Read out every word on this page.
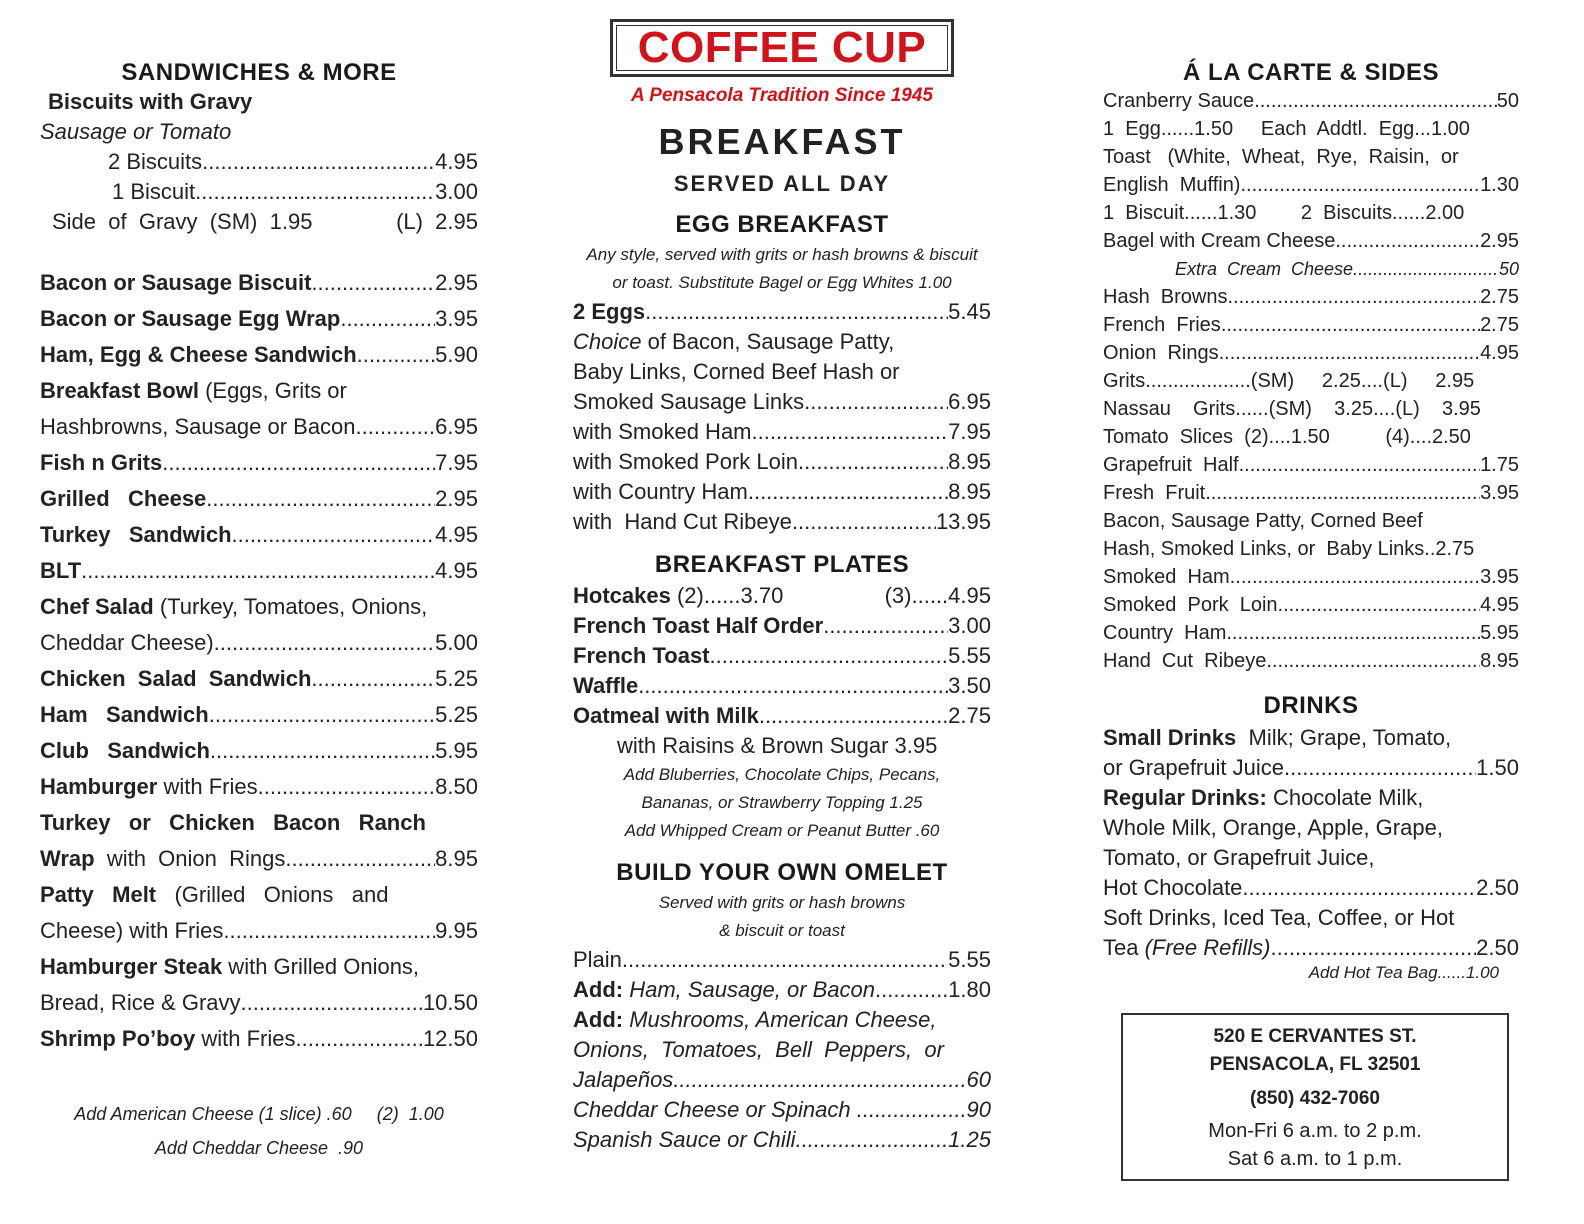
SANDWICHES & MORE
Biscuits with Gravy
Sausage or Tomato
2 Biscuits .....	4.95
1 Biscuit .....	3.00
Side  of  Gravy  (SM)  1.95	(L)  2.95
Bacon or Sausage Biscuit .....	2.95
Bacon or Sausage Egg Wrap .....	3.95
Ham, Egg & Cheese Sandwich .....	5.90
Breakfast Bowl (Eggs, Grits or
Hashbrowns, Sausage or Bacon .....	6.95
Fish n Grits .....	7.95
Grilled   Cheese .....	2.95
Turkey   Sandwich .....	4.95
BLT .....	4.95
Chef Salad (Turkey, Tomatoes, Onions,
Cheddar Cheese) .....	5.00
Chicken  Salad  Sandwich .....	5.25
Ham   Sandwich .....	5.25
Club   Sandwich .....	5.95
Hamburger with Fries .....	8.50
Turkey   or   Chicken   Bacon   Ranch
Wrap with  Onion  Rings .....	8.95
Patty   Melt   (Grilled   Onions   and
Cheese) with Fries .....	9.95
Hamburger Steak with Grilled Onions,
Bread, Rice & Gravy .....	10.50
Shrimp Po’boy with Fries .....	12.50
Add American Cheese (1 slice) .60     (2)  1.00
Add Cheddar Cheese  .90
COFFEE CUP
A Pensacola Tradition Since 1945
BREAKFAST
SERVED ALL DAY
EGG BREAKFAST
Any style, served with grits or hash browns & biscuit
or toast. Substitute Bagel or Egg Whites 1.00
2 Eggs .....	5.45
Choice of Bacon, Sausage Patty,
Baby Links, Corned Beef Hash or
Smoked Sausage Links .....	6.95
with Smoked Ham .....	7.95
with Smoked Pork Loin .....	8.95
with Country Ham .....	8.95
with  Hand Cut Ribeye .....	13.95
BREAKFAST PLATES
Hotcakes (2)......3.70	(3)......4.95
French Toast Half Order .....	3.00
French Toast .....	5.55
Waffle .....	3.50
Oatmeal with Milk .....	2.75
with Raisins & Brown Sugar 3.95
Add Bluberries, Chocolate Chips, Pecans,
Bananas, or Strawberry Topping 1.25
Add Whipped Cream or Peanut Butter .60
BUILD YOUR OWN OMELET
Served with grits or hash browns
& biscuit or toast
Plain .....	5.55
Add: Ham, Sausage, or Bacon .....	1.80
Add: Mushrooms, American Cheese,
Onions,  Tomatoes,  Bell  Peppers,  or
Jalapeños .....	60
Cheddar Cheese or Spinach .....	90
Spanish Sauce or Chili .....	1.25
Á LA CARTE & SIDES
Cranberry Sauce .....	50
1  Egg......1.50     Each  Addtl.  Egg...1.00
Toast   (White,  Wheat,  Rye,  Raisin,  or
English  Muffin) .....	1.30
1  Biscuit......1.30        2  Biscuits......2.00
Bagel with Cream Cheese .....	2.95
Extra  Cream  Cheese .....	50
Hash  Browns .....	2.75
French  Fries .....	2.75
Onion  Rings .....	4.95
Grits...................(SM)     2.25....(L)     2.95
Nassau    Grits......(SM)    3.25....(L)    3.95
Tomato  Slices  (2)....1.50          (4)....2.50
Grapefruit  Half .....	1.75
Fresh  Fruit .....	3.95
Bacon, Sausage Patty, Corned Beef
Hash, Smoked Links, or  Baby Links..2.75
Smoked  Ham .....	3.95
Smoked  Pork  Loin .....	4.95
Country  Ham .....	5.95
Hand  Cut  Ribeye .....	8.95
DRINKS
Small Drinks  Milk; Grape, Tomato,
or Grapefruit Juice .....	1.50
Regular Drinks: Chocolate Milk,
Whole Milk, Orange, Apple, Grape,
Tomato, or Grapefruit Juice,
Hot Chocolate .....	2.50
Soft Drinks, Iced Tea, Coffee, or Hot
Tea (Free Refills) .....	2.50
Add Hot Tea Bag......1.00
520 E CERVANTES ST.
PENSACOLA, FL 32501
(850) 432-7060
Mon-Fri 6 a.m. to 2 p.m.
Sat 6 a.m. to 1 p.m.
